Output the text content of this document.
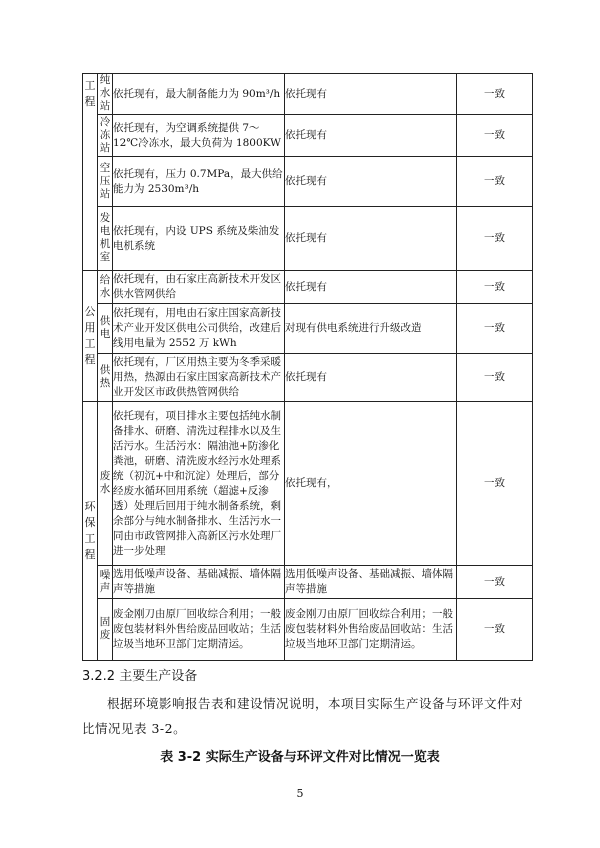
工程	纯水站	依托现有，最大制备能力为 90m³/h	依托现有	一致
	冷冻站	依托现有，为空调系统提供 7～12℃冷冻水，最大负荷为 1800KW	依托现有	一致
	空压站	依托现有，压力 0.7MPa，最大供给能力为 2530m³/h	依托现有	一致
	发电机室	依托现有，内设 UPS 系统及柴油发电机系统	依托现有	一致
公用工程	给水	依托现有，由石家庄高新技术开发区供水管网供给	依托现有	一致
	供电	依托现有，用电由石家庄国家高新技术产业开发区供电公司供给，改建后线用电量为 2552 万 kWh	对现有供电系统进行升级改造	一致
	供热	依托现有，厂区用热主要为冬季采暖用热，热源由石家庄国家高新技术产业开发区市政供热管网供给	依托现有	一致
环保工程	废水	依托现有，项目排水主要包括纯水制备排水、研磨、清洗过程排水以及生活污水。生活污水：隔油池+防渗化粪池，研磨、清洗废水经污水处理系统（初沉+中和沉淀）处理后，部分经废水循环回用系统（超滤+反渗透）处理后回用于纯水制备系统，剩余部分与纯水制备排水、生活污水一同由市政管网排入高新区污水处理厂进一步处理	依托现有，	一致
	噪声	选用低噪声设备、基础减振、墙体隔声等措施	选用低噪声设备、基础减振、墙体隔声等措施	一致
	固废	废金刚刀由原厂回收综合利用；一般废包装材料外售给废品回收站；生活垃圾当地环卫部门定期清运。	废金刚刀由原厂回收综合利用；一般废包装材料外售给废品回收站：生活垃圾当地环卫部门定期清运。	一致
3.2.2 主要生产设备
根据环境影响报告表和建设情况说明，本项目实际生产设备与环评文件对比情况见表 3-2。
表 3-2 实际生产设备与环评文件对比情况一览表
5
